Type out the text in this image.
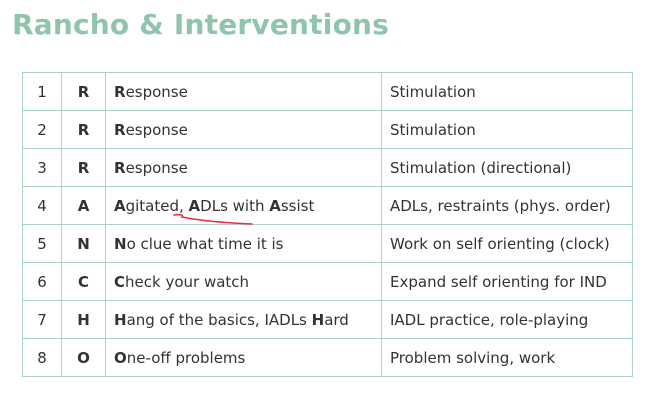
Rancho & Interventions
1	R	Response	Stimulation
2	R	Response	Stimulation
3	R	Response	Stimulation (directional)
4	A	Agitated, ADLs with Assist	ADLs, restraints (phys. order)
5	N	No clue what time it is	Work on self orienting (clock)
6	C	Check your watch	Expand self orienting for IND
7	H	Hang of the basics, IADLs Hard	IADL practice, role-playing
8	O	One-off problems	Problem solving, work
